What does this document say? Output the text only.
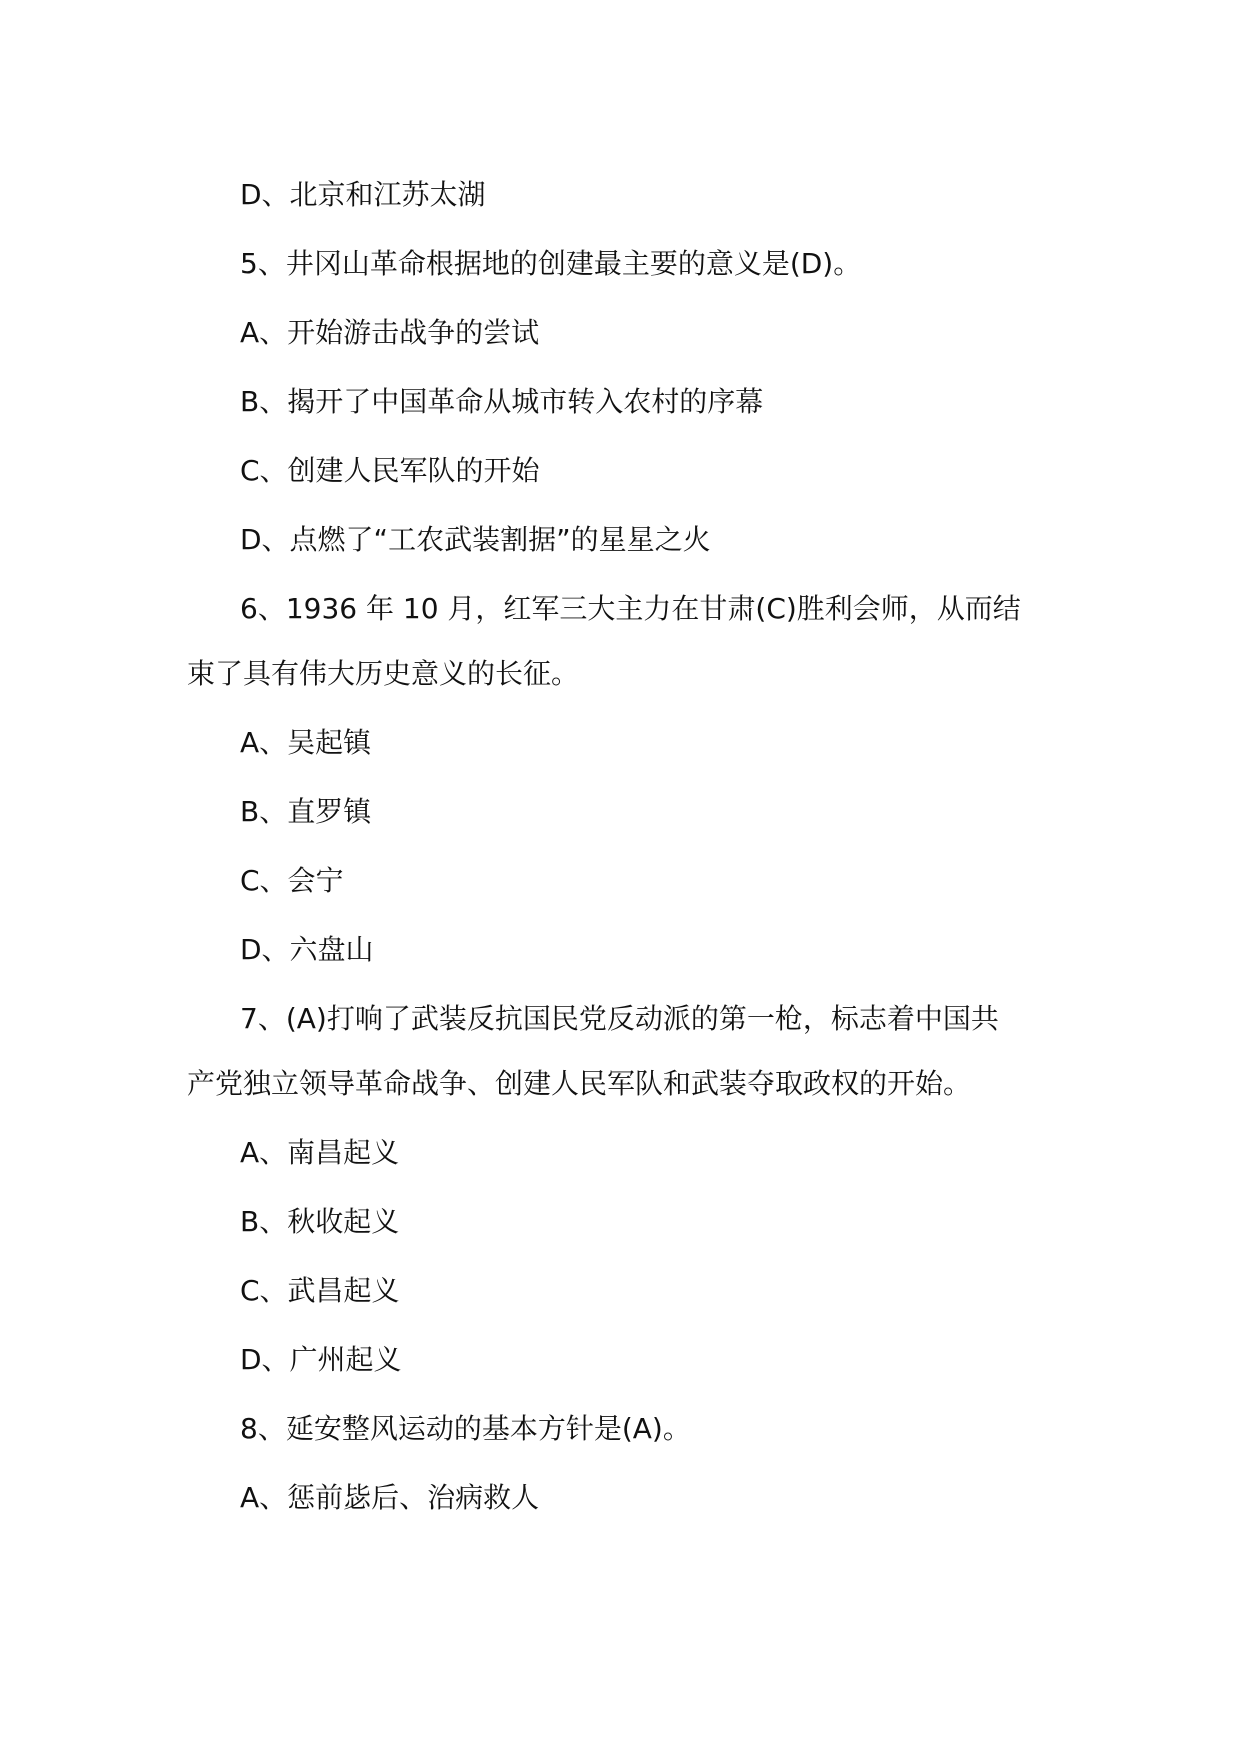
D、北京和江苏太湖
5、井冈山革命根据地的创建最主要的意义是(D)。
A、开始游击战争的尝试
B、揭开了中国革命从城市转入农村的序幕
C、创建人民军队的开始
D、点燃了“工农武装割据”的星星之火
6、1936 年 10 月，红军三大主力在甘肃(C)胜利会师，从而结
束了具有伟大历史意义的长征。
A、吴起镇
B、直罗镇
C、会宁
D、六盘山
7、(A)打响了武装反抗国民党反动派的第一枪，标志着中国共
产党独立领导革命战争、创建人民军队和武装夺取政权的开始。
A、南昌起义
B、秋收起义
C、武昌起义
D、广州起义
8、延安整风运动的基本方针是(A)。
A、惩前毖后、治病救人
